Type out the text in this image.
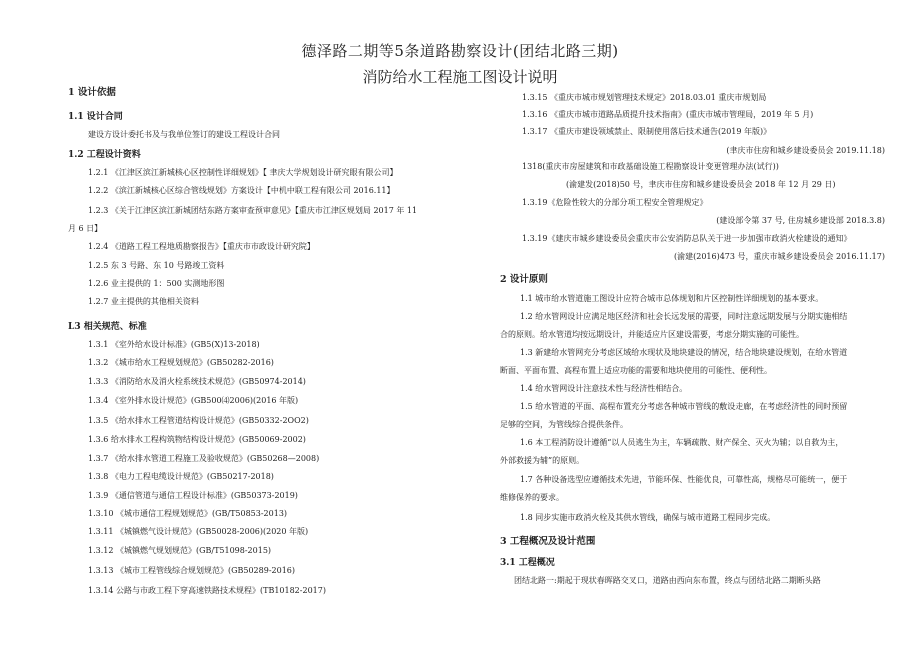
德泽路二期等5条道路勘察设计(团结北路三期)
消防给水工程施工图设计说明
1 设计依据
1.1 设计合同
建设方设计委托书及与我单位签订的建设工程设计合同
1.2 工程设计资料
1.2.1 《江津区滨江新城核心区控制性详细规划》【 聿庆大学规划设计研究眼有限公司】
1.2.2 《滨江新城核心区综合管线规划》方案设计【中机中联工程有限公司 2016.11】
1.2.3 《关于江津区滨江新城团结东路方案审查预审意见》【重庆市江津区规划局 2017 年 11
月 6 日】
1.2.4 《道路工程工程地质勘察报告》【重庆市市政设计研究院】
1.2.5 东 3 号路、东 10 号路竣工资料
1.2.6 业主提供的 1：500 实测地形图
1.2.7 业主提供的其他相关资料
L3 相关规范、标准
1.3.1 《室外给水设计标准》(GB5(X)13-2018)
1.3.2 《城市给水工程规划规范》(GB50282-2016)
1.3.3 《消防给水及消火栓系统技术规范》(GB50974-2014)
1.3.4 《室外排水设计规范》(GB500⑷2006)(2016 年版)
1.3.5 《给水排水工程管道结构设计规范》(GB50332-2OO2)
1.3.6 给水排水工程构筑物结构设计规范》(GB50069-2002)
1.3.7 《给水排水管道工程施工及验收规范》(GB50268—2008)
1.3.8 《电力工程电缆设计规范》(GB50217-2018)
1.3.9 《通信管道与通信工程设计标准》(GB50373-2019)
1.3.10 《城市通信工程规划规范》(GB/T50853-2013)
1.3.11 《城镇燃气设计规范》(GB50028-2006)(2020 年版)
1.3.12 《城镇燃气规划规范》(GB/T51098-2015)
1.3.13 《城市工程管线综合规划规范》(GB50289-2016)
1.3.14 公路与市政工程下穿高速铁路技术规程》(TB10182-2017)
1.3.15 《重庆市城市规划管理技术规定》2018.03.01 重庆市规划局
1.3.16 《重庆市城市道路品质提升技术指南》(重庆市城市管理局，2019 年 5 月)
1.3.17 《重庆市建设领域禁止、限制使用落后技术通告(2019 年版)》
(聿庆市住房和城乡建设委员会 2019.11.18)
1318(重庆市房屋建筑和市政基础设施工程勘察设计变更管理办法(试行))
(渝建发(2018)50 号，聿庆市住房和城乡建设委员会 2018 年 12 月 29 日)
1.3.19《危险性较大的分部分项工程安全管理规定》
(建设部令第 37 号, 住房城乡建设部 2018.3.8)
1.3.19《建庆市城乡建设委员会重庆市公安消防总队关于进一步加强市政消火栓建设的通知》
(渝建(2016)473 号，重庆市城乡建设委员会 2016.11.17)
2 设计原则
1.1 城市给水管道施工图设计应符合城市总体规划和片区控制性详细规划的基本要求。
1.2 给水管网设计应满足地区经济和社会长远发展的需要，同时注意远期发展与分期实施相结
合的原则。给水管道均按远期设计，并能适应片区建设需要，考虑分期实施的可能性。
1.3 新建给水管网充分考虑区域给水现状及地块建设的情况，结合地块建设规划，在给水管道
断面、平面布置、高程布置上适应功能的需要和地块使用的可能性、便利性。
1.4 给水管网设计注意技术性与经济性相结合。
1.5 给水管道的平面、高程布置充分考虑各种城市管线的敷设走廊，在考虑经济性的同时预留
足够的空间，为管线综合提供条件。
1.6 本工程消防设计遵循“以人员逃生为主，车辆疏散、财产保全、灭火为辅；以自救为主，
外部救援为辅”的原则。
1.7 各种设备选型应遵循技术先进，节能环保、性能优良，可靠性高，规格尽可能统一，便于
维修保养的要求。
1.8 同步实施市政消火栓及其供水管线，确保与城市道路工程同步完成。
3 工程概况及设计范围
3.1 工程概况
团结北路一:期起于现状春晖路交叉口，道路由西向东布置，终点与团结北路二期断头路
